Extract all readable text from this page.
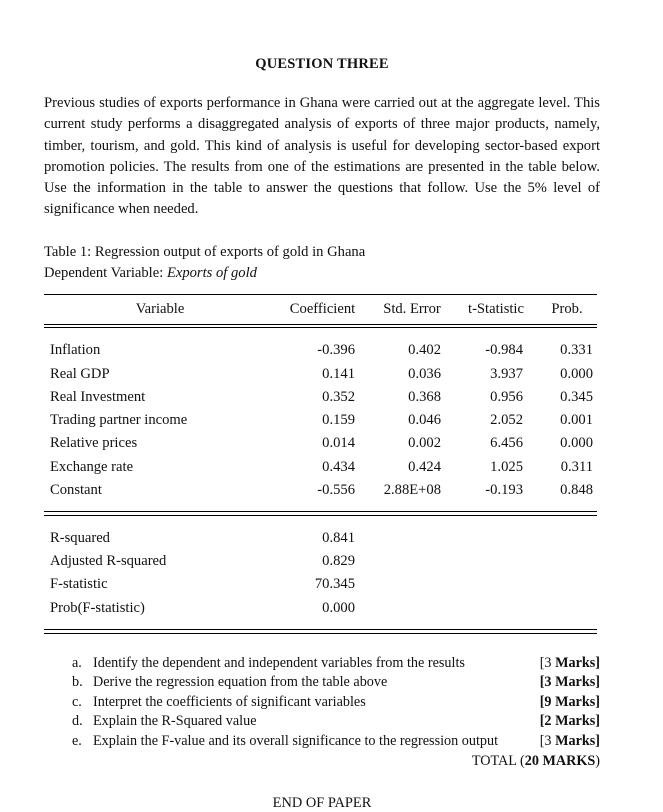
QUESTION THREE

Previous studies of exports performance in Ghana were carried out at the aggregate level. This current study performs a disaggregated analysis of exports of three major products, namely, timber, tourism, and gold. This kind of analysis is useful for developing sector-based export promotion policies. The results from one of the estimations are presented in the table below. Use the information in the table to answer the questions that follow. Use the 5% level of significance when needed.

Table 1: Regression output of exports of gold in Ghana

Dependent Variable: Exports of gold

Variable	Coefficient	Std. Error	t-Statistic	Prob.

Inflation	-0.396	0.402	-0.984	0.331
Real GDP	0.141	0.036	3.937	0.000
Real Investment	0.352	0.368	0.956	0.345
Trading partner income	0.159	0.046	2.052	0.001
Relative prices	0.014	0.002	6.456	0.000
Exchange rate	0.434	0.424	1.025	0.311
Constant	-0.556	2.88E+08	-0.193	0.848

R-squared	0.841			
Adjusted R-squared	0.829			
F-statistic	70.345			
Prob(F-statistic)	0.000			

a. Identify the dependent and independent variables from the results	[3 Marks]
b. Derive the regression equation from the table above	[3 Marks]
c. Interpret the coefficients of significant variables	[9 Marks]
d. Explain the R-Squared value	[2 Marks]
e. Explain the F-value and its overall significance to the regression output	[3 Marks]
TOTAL (20 MARKS)
END OF PAPER
